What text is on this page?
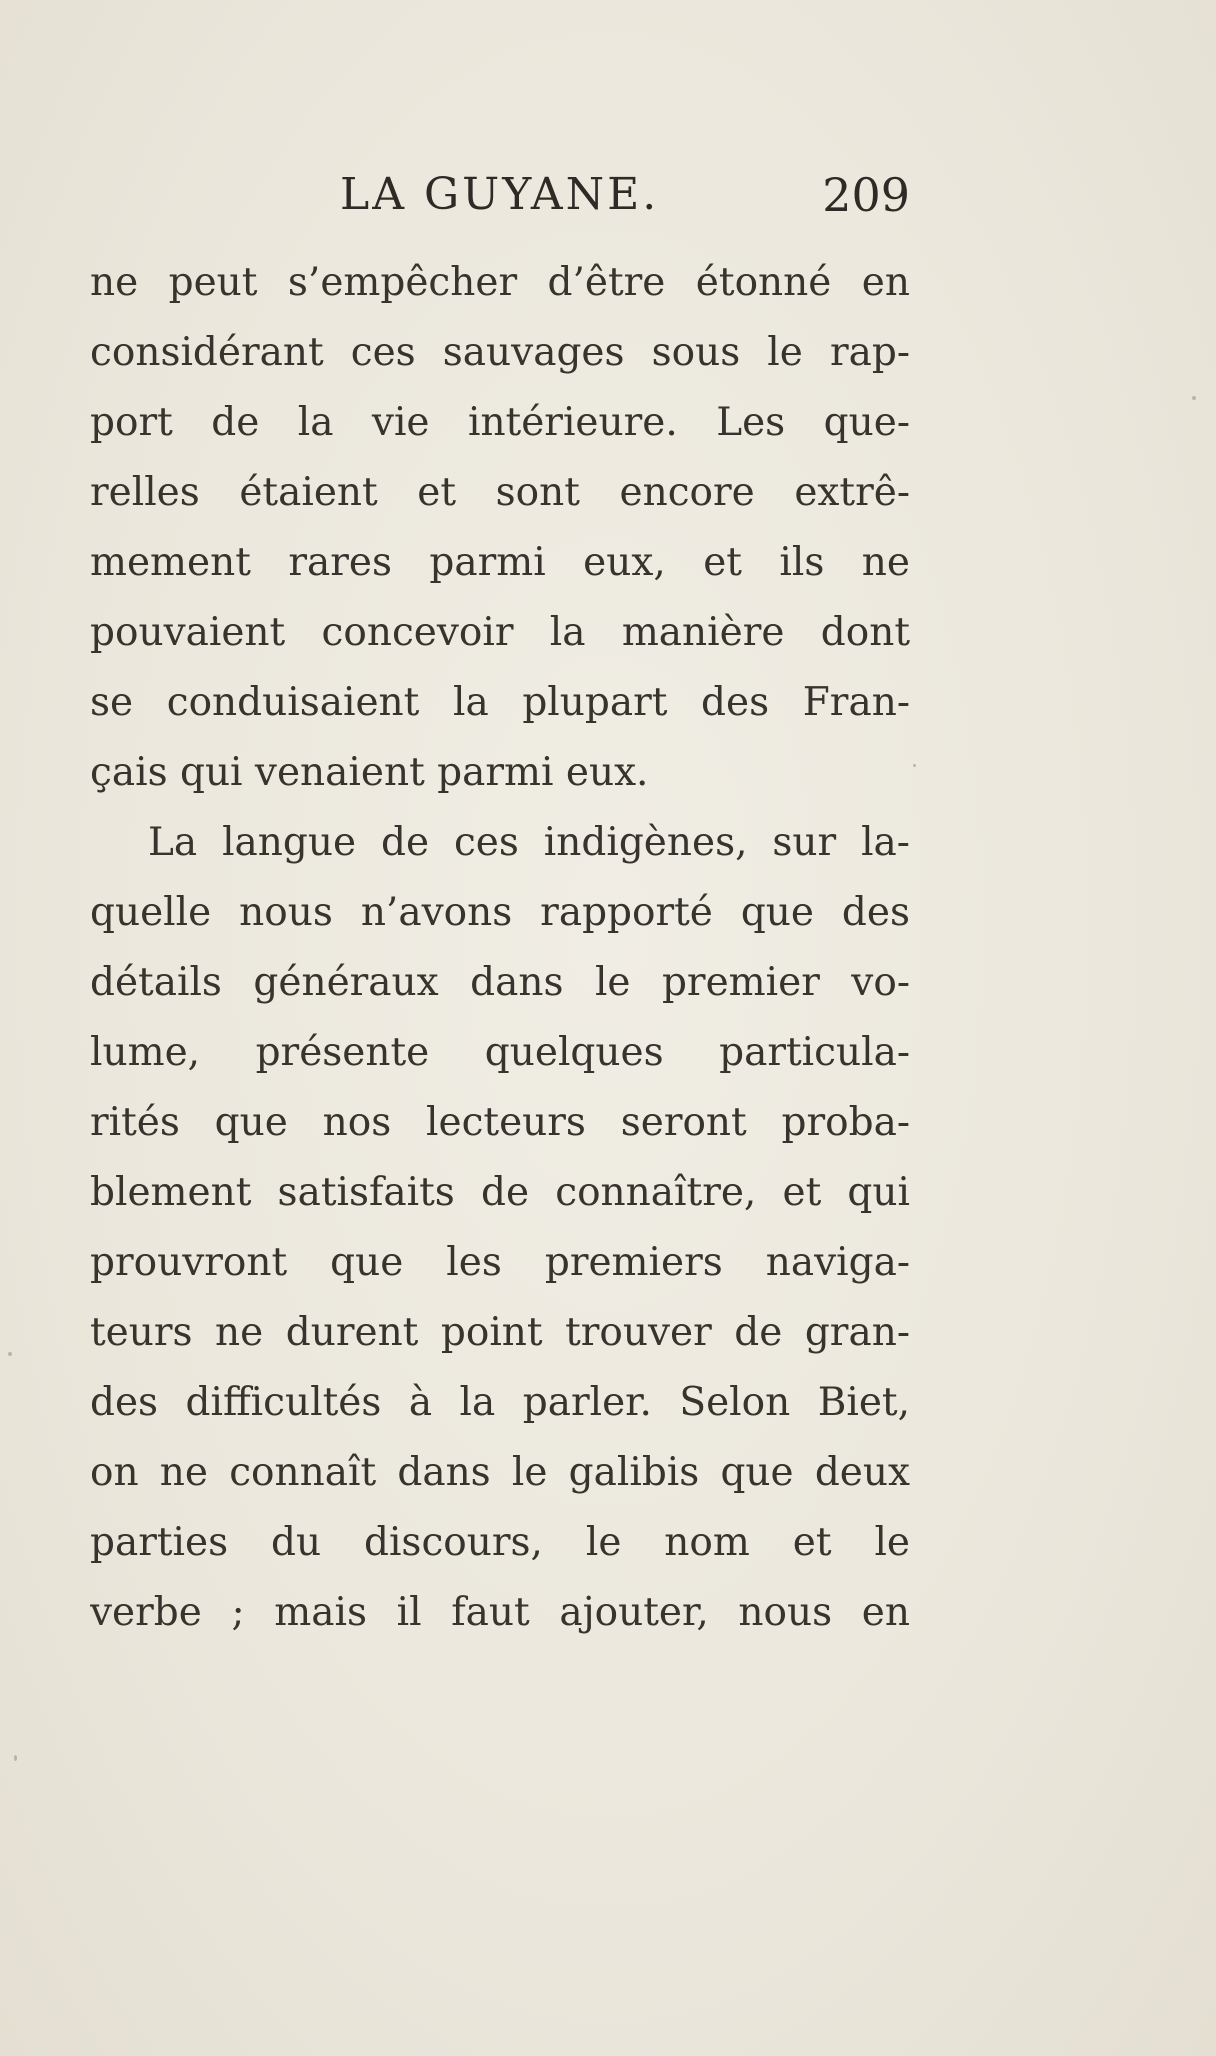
LA GUYANE.	209
ne peut s’empêcher d’être étonné en
considérant ces sauvages sous le rap-
port de la vie intérieure. Les que-
relles étaient et sont encore extrê-
mement rares parmi eux, et ils ne
pouvaient concevoir la manière dont
se conduisaient la plupart des Fran-
çais qui venaient parmi eux.
La langue de ces indigènes, sur la-
quelle nous n’avons rapporté que des
détails généraux dans le premier vo-
lume, présente quelques particula-
rités que nos lecteurs seront proba-
blement satisfaits de connaître, et qui
prouvront que les premiers naviga-
teurs ne durent point trouver de gran-
des difficultés à la parler. Selon Biet,
on ne connaît dans le galibis que deux
parties du discours, le nom et le
verbe ; mais il faut ajouter, nous en
